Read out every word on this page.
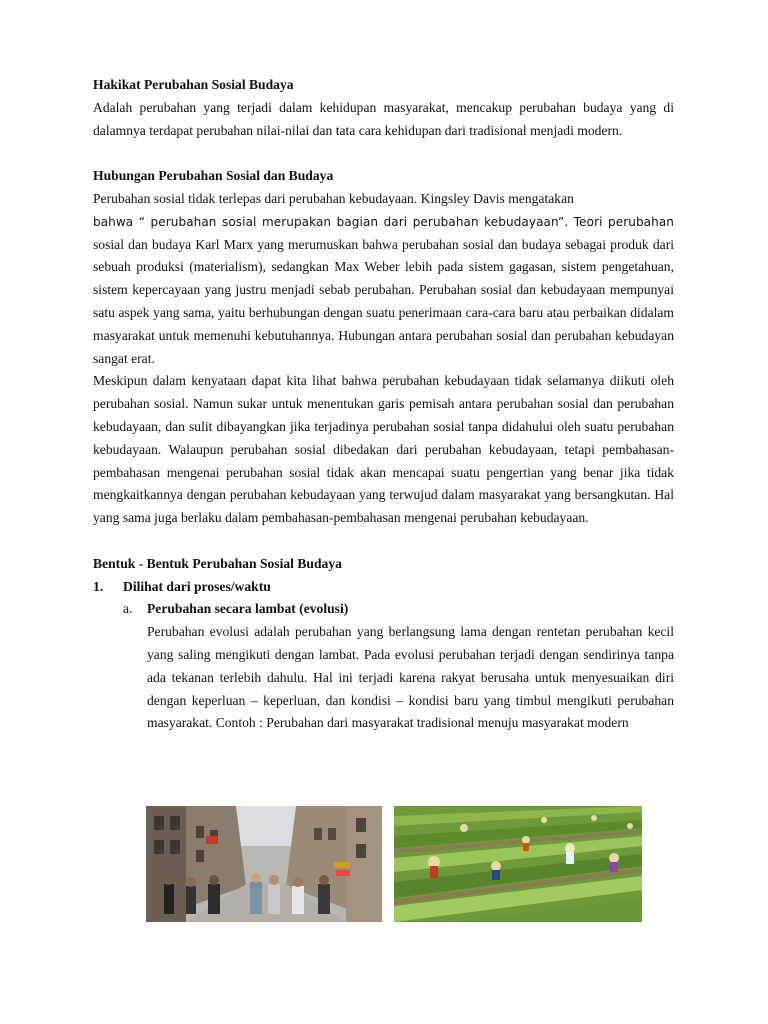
Hakikat Perubahan Sosial Budaya

Adalah perubahan yang terjadi dalam kehidupan masyarakat, mencakup perubahan budaya yang di dalamnya terdapat perubahan nilai-nilai dan tata cara kehidupan dari tradisional menjadi modern.

Hubungan Perubahan Sosial dan Budaya

Perubahan sosial tidak terlepas dari perubahan kebudayaan. Kingsley Davis mengatakan
bahwa “ perubahan sosial merupakan bagian dari perubahan kebudayaan”. Teori perubahan sosial dan budaya Karl Marx yang merumuskan bahwa perubahan sosial dan budaya sebagai produk dari sebuah produksi (materialism), sedangkan Max Weber lebih pada sistem gagasan, sistem pengetahuan, sistem kepercayaan yang justru menjadi sebab perubahan. Perubahan sosial dan kebudayaan mempunyai satu aspek yang sama, yaitu berhubungan dengan suatu penerimaan cara-cara baru atau perbaikan didalam masyarakat untuk memenuhi kebutuhannya. Hubungan antara perubahan sosial dan perubahan kebudayan sangat erat.

Meskipun dalam kenyataan dapat kita lihat bahwa perubahan kebudayaan tidak selamanya diikuti oleh perubahan sosial. Namun sukar untuk menentukan garis pemisah antara perubahan sosial dan perubahan kebudayaan, dan sulit dibayangkan jika terjadinya perubahan sosial tanpa didahului oleh suatu perubahan kebudayaan. Walaupun perubahan sosial dibedakan dari perubahan kebudayaan, tetapi pembahasan-pembahasan mengenai perubahan sosial tidak akan mencapai suatu pengertian yang benar jika tidak mengkaitkannya dengan perubahan kebudayaan yang terwujud dalam masyarakat yang bersangkutan. Hal yang sama juga berlaku dalam pembahasan-pembahasan mengenai perubahan kebudayaan.

Bentuk - Bentuk Perubahan Sosial Budaya
1.	Dilihat dari proses/waktu
a.	Perubahan secara lambat (evolusi)

Perubahan evolusi adalah perubahan yang berlangsung lama dengan rentetan perubahan kecil yang saling mengikuti dengan lambat. Pada evolusi perubahan terjadi dengan sendirinya tanpa ada tekanan terlebih dahulu. Hal ini terjadi karena rakyat berusaha untuk menyesuaikan diri dengan keperluan – keperluan, dan kondisi – kondisi baru yang timbul mengikuti perubahan masyarakat. Contoh : Perubahan dari masyarakat tradisional menuju masyarakat modern
